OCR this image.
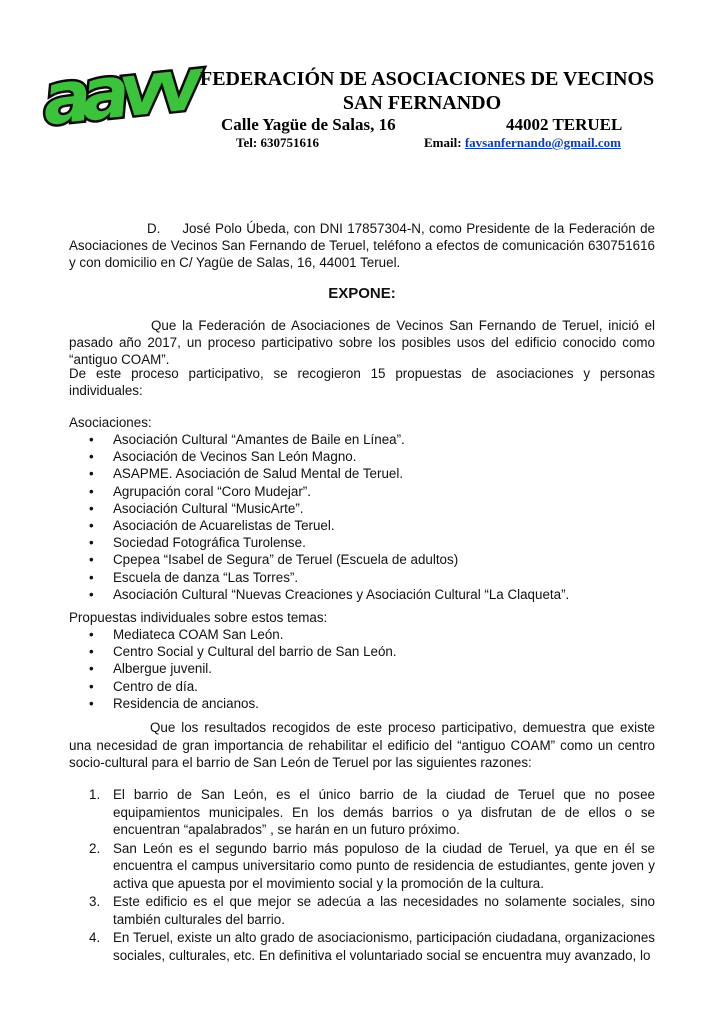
aavv FEDERACIÓN DE ASOCIACIONES DE VECINOS
SAN FERNANDO
Calle Yagüe de Salas, 16	44002 TERUEL
Tel: 630751616	Email: favsanfernando@gmail.com
D.     José Polo Úbeda, con DNI 17857304-N, como Presidente de la Federación de Asociaciones de Vecinos San Fernando de Teruel, teléfono a efectos de comunicación 630751616 y con domicilio en C/ Yagüe de Salas, 16, 44001 Teruel.
EXPONE:
Que la Federación de Asociaciones de Vecinos San Fernando de Teruel, inició el pasado año 2017, un proceso participativo sobre los posibles usos del edificio conocido como “antiguo COAM”.
De este proceso participativo, se recogieron 15 propuestas de asociaciones y personas individuales:
Asociaciones:
• Asociación Cultural “Amantes de Baile en Línea”.
• Asociación de Vecinos San León Magno.
• ASAPME. Asociación de Salud Mental de Teruel.
• Agrupación coral “Coro Mudejar”.
• Asociación Cultural “MusicArte”.
• Asociación de Acuarelistas de Teruel.
• Sociedad Fotográfica Turolense.
• Cpepea “Isabel de Segura” de Teruel (Escuela de adultos)
• Escuela de danza “Las Torres”.
• Asociación Cultural “Nuevas Creaciones y Asociación Cultural “La Claqueta”.
Propuestas individuales sobre estos temas:
• Mediateca COAM San León.
• Centro Social y Cultural del barrio de San León.
• Albergue juvenil.
• Centro de día.
• Residencia de ancianos.
Que los resultados recogidos de este proceso participativo, demuestra que existe una necesidad de gran importancia de rehabilitar el edificio del “antiguo COAM” como un centro socio-cultural para el barrio de San León de Teruel por las siguientes razones:
1. El barrio de San León, es el único barrio de la ciudad de Teruel que no posee equipamientos municipales. En los demás barrios o ya disfrutan de de ellos o se encuentran “apalabrados” , se harán en un futuro próximo.
2. San León es el segundo barrio más populoso de la ciudad de Teruel, ya que en él se encuentra el campus universitario como punto de residencia de estudiantes, gente joven y activa que apuesta por el movimiento social y la promoción de la cultura.
3. Este edificio es el que mejor se adecúa a las necesidades no solamente sociales, sino también culturales del barrio.
4. En Teruel, existe un alto grado de asociacionismo, participación ciudadana, organizaciones sociales, culturales, etc. En definitiva el voluntariado social se encuentra muy avanzado, lo
